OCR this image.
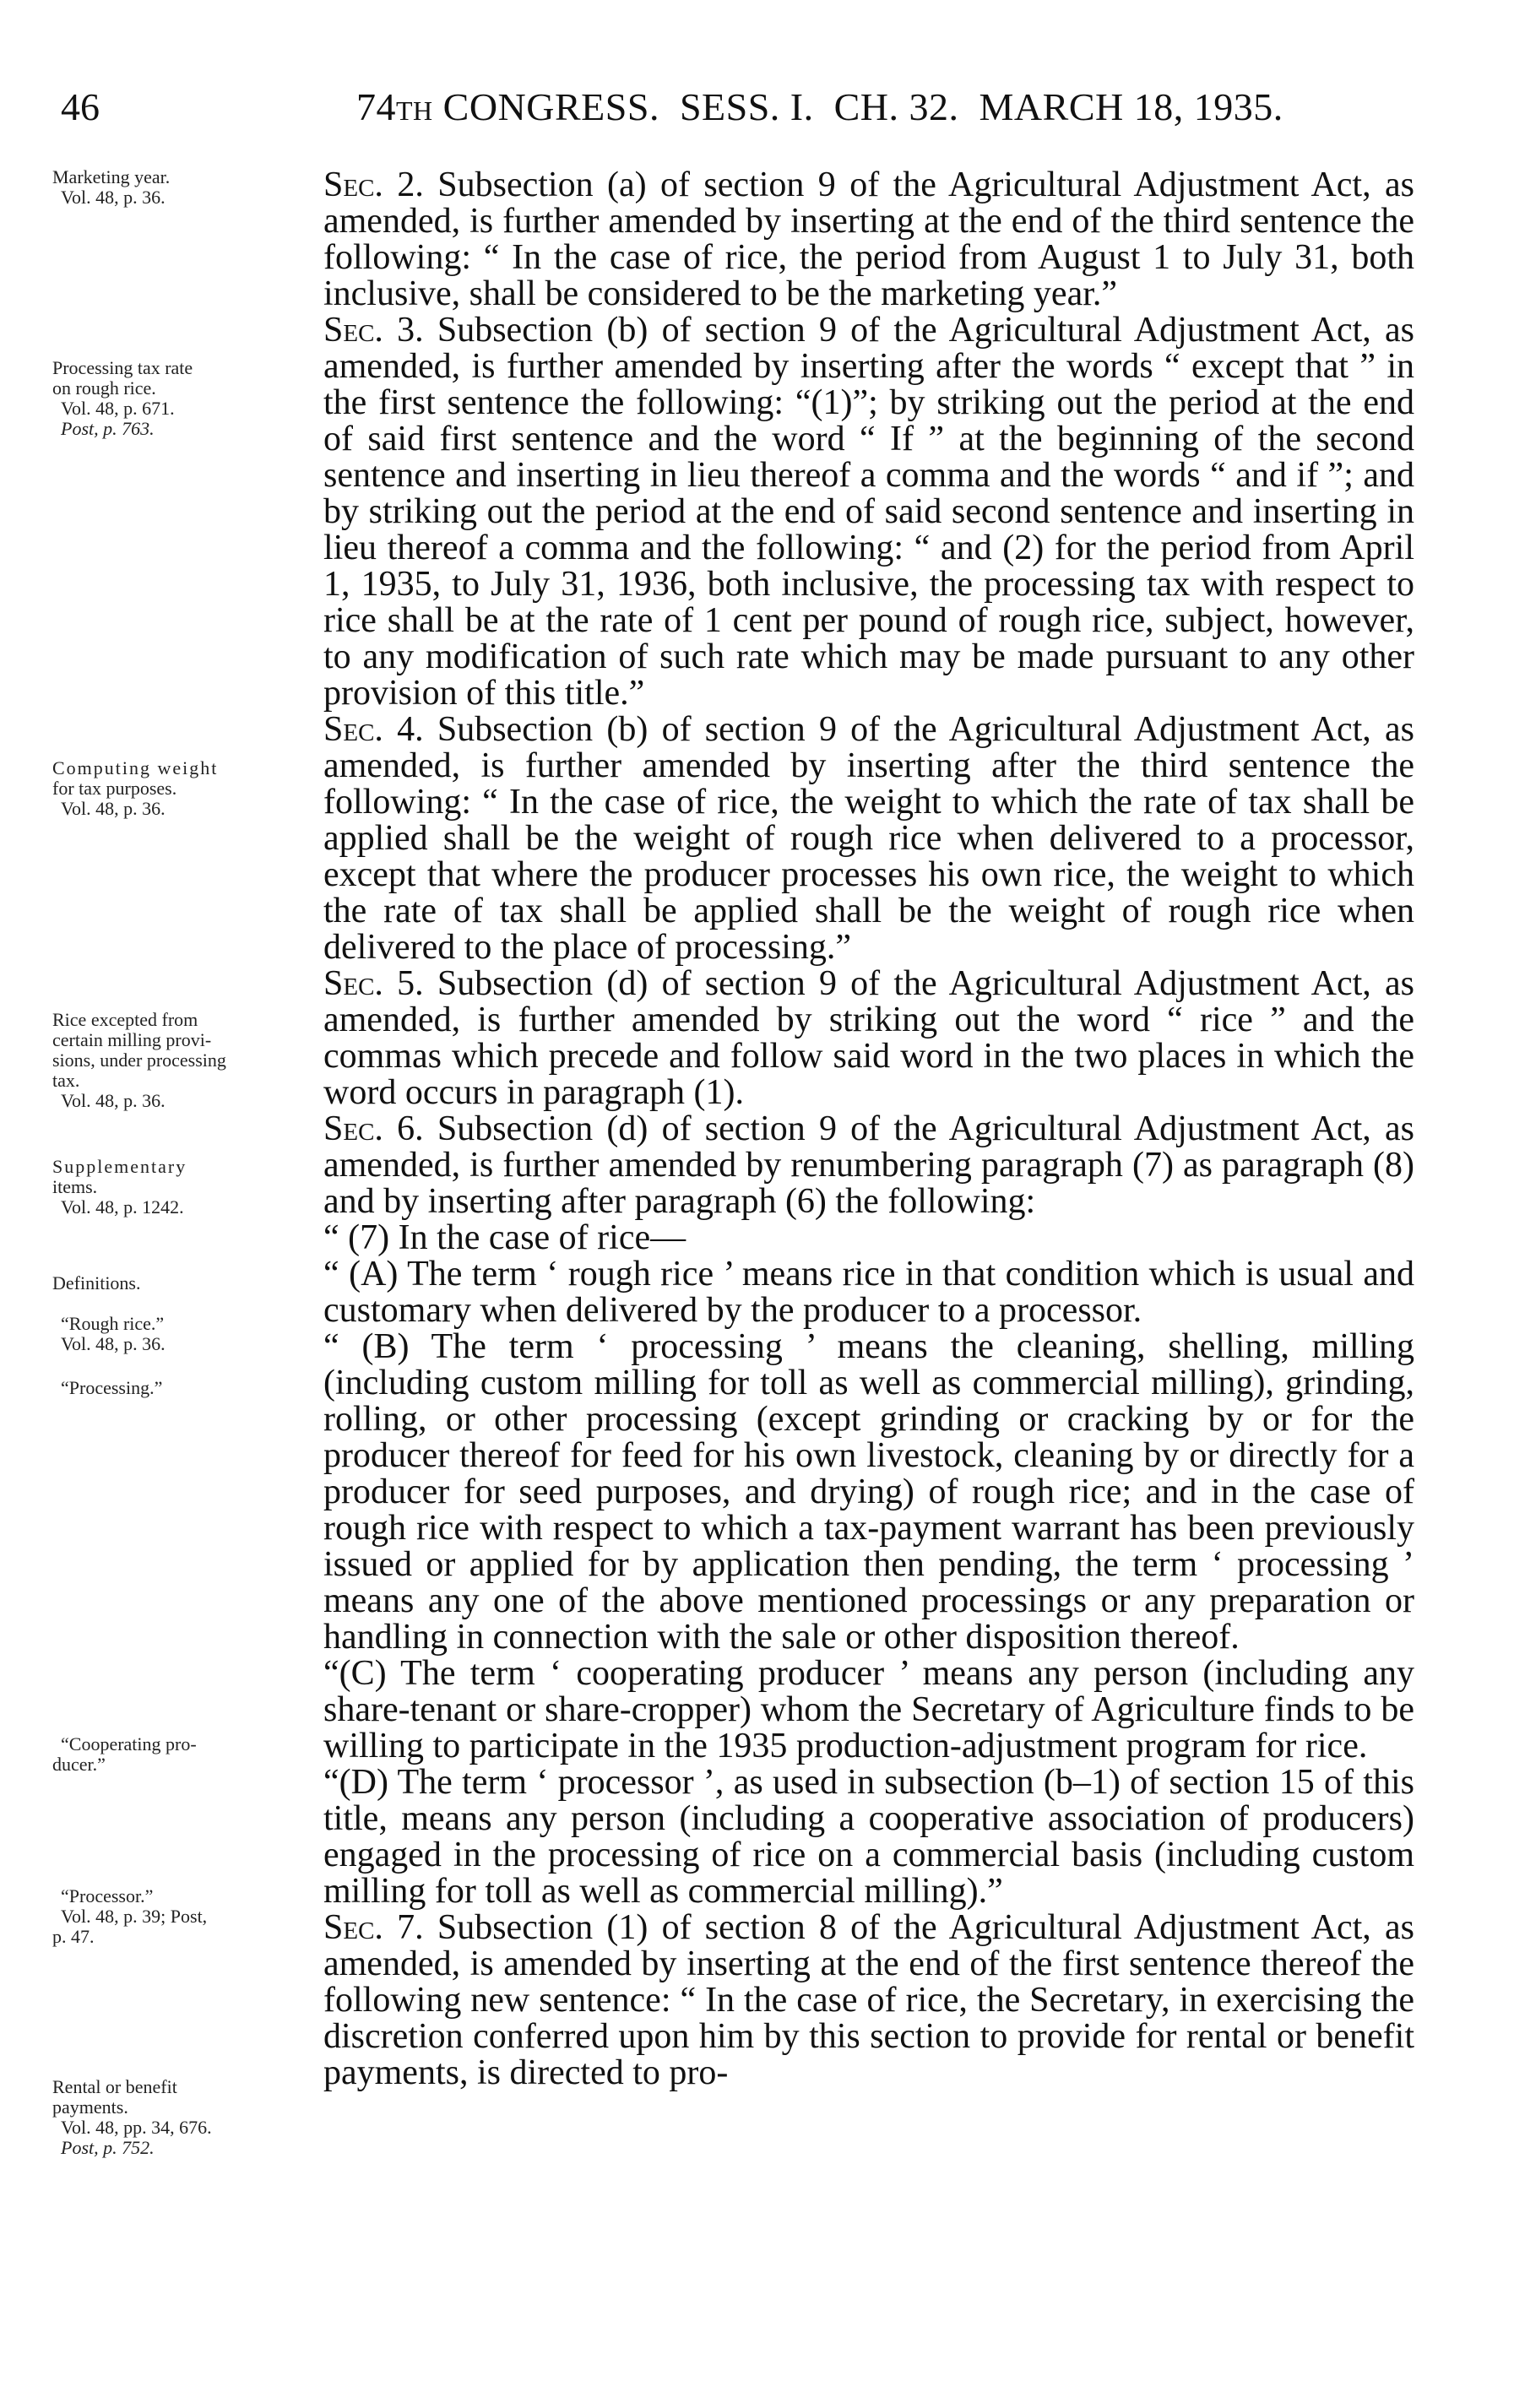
46	74TH CONGRESS.  SESS. I.  CH. 32.  MARCH 18, 1935.
Marketing year.

Vol. 48, p. 36.
Processing tax rate
on rough rice.

Vol. 48, p. 671.
Post, p. 763.
Computing weight
for tax purposes.

Vol. 48, p. 36.
Rice excepted from
certain milling provi-
sions, under processing
tax.

Vol. 48, p. 36.
Supplementary
items.

Vol. 48, p. 1242.
Definitions.
“Rough rice.”
Vol. 48, p. 36.
“Processing.”
“Cooperating pro-
ducer.”
“Processor.”
Vol. 48, p. 39; Post,
p. 47.
Rental or benefit
payments.

Vol. 48, pp. 34, 676.
Post, p. 752.

Sec. 2. Subsection (a) of section 9 of the Agricultural Adjustment Act, as amended, is further amended by inserting at the end of the third sentence the following: “ In the case of rice, the period from August 1 to July 31, both inclusive, shall be considered to be the marketing year.”

Sec. 3. Subsection (b) of section 9 of the Agricultural Adjustment Act, as amended, is further amended by inserting after the words “ except that ” in the first sentence the following: “(1)”; by striking out the period at the end of said first sentence and the word “ If ” at the beginning of the second sentence and inserting in lieu thereof a comma and the words “ and if ”; and by striking out the period at the end of said second sentence and inserting in lieu thereof a comma and the following: “ and (2) for the period from April 1, 1935, to July 31, 1936, both inclusive, the processing tax with respect to rice shall be at the rate of 1 cent per pound of rough rice, subject, however, to any modification of such rate which may be made pursuant to any other provision of this title.”

Sec. 4. Subsection (b) of section 9 of the Agricultural Adjustment Act, as amended, is further amended by inserting after the third sentence the following: “ In the case of rice, the weight to which the rate of tax shall be applied shall be the weight of rough rice when delivered to a processor, except that where the producer processes his own rice, the weight to which the rate of tax shall be applied shall be the weight of rough rice when delivered to the place of processing.”

Sec. 5. Subsection (d) of section 9 of the Agricultural Adjustment Act, as amended, is further amended by striking out the word “ rice ” and the commas which precede and follow said word in the two places in which the word occurs in paragraph (1).

Sec. 6. Subsection (d) of section 9 of the Agricultural Adjustment Act, as amended, is further amended by renumbering paragraph (7) as paragraph (8) and by inserting after paragraph (6) the following:

“ (7) In the case of rice—

“ (A) The term ‘ rough rice ’ means rice in that condition which is usual and customary when delivered by the producer to a processor.

“ (B) The term ‘ processing ’ means the cleaning, shelling, milling (including custom milling for toll as well as commercial milling), grinding, rolling, or other processing (except grinding or cracking by or for the producer thereof for feed for his own livestock, cleaning by or directly for a producer for seed purposes, and drying) of rough rice; and in the case of rough rice with respect to which a tax-payment warrant has been previously issued or applied for by application then pending, the term ‘ processing ’ means any one of the above mentioned processings or any preparation or handling in connection with the sale or other disposition thereof.

“(C) The term ‘ cooperating producer ’ means any person (including any share-tenant or share-cropper) whom the Secretary of Agriculture finds to be willing to participate in the 1935 production-adjustment program for rice.

“(D) The term ‘ processor ’, as used in subsection (b–1) of section 15 of this title, means any person (including a cooperative association of producers) engaged in the processing of rice on a commercial basis (including custom milling for toll as well as commercial milling).”

Sec. 7. Subsection (1) of section 8 of the Agricultural Adjustment Act, as amended, is amended by inserting at the end of the first sentence thereof the following new sentence: “ In the case of rice, the Secretary, in exercising the discretion conferred upon him by this section to provide for rental or benefit payments, is directed to pro-
